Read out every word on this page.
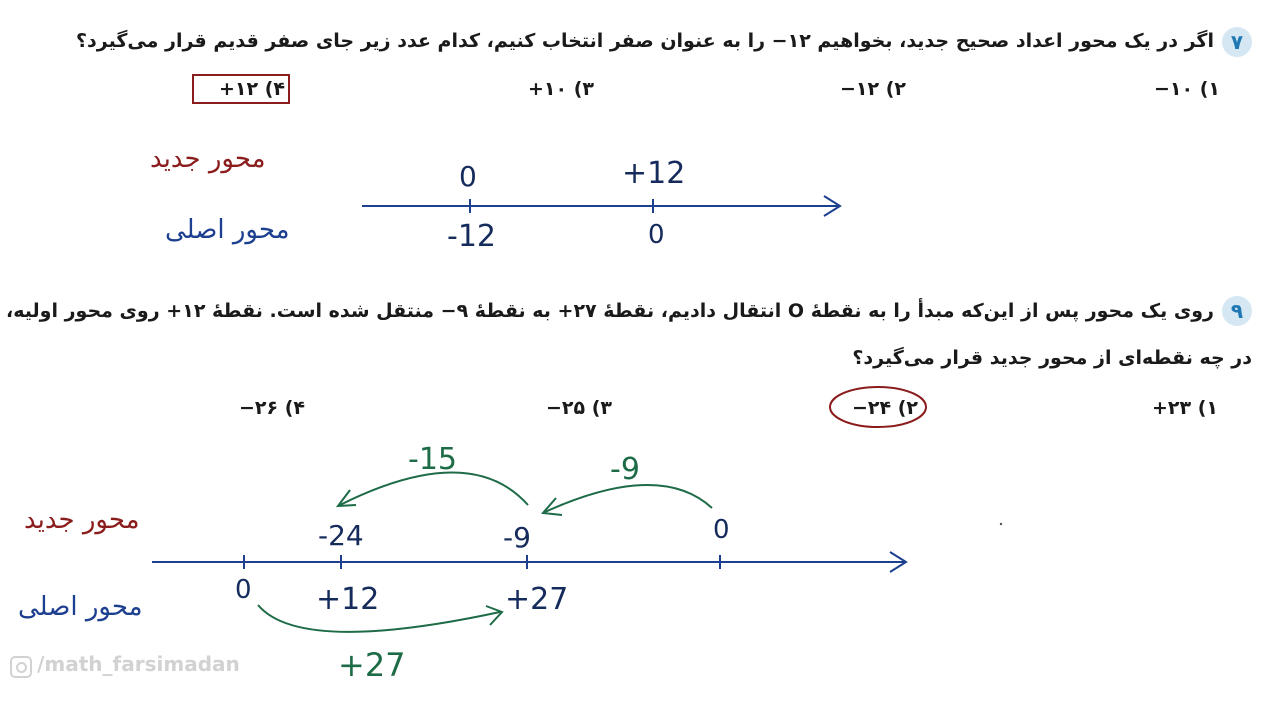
۷
اگر در یک محور اعداد صحیح جدید، بخواهیم ۱۲− را به عنوان صفر انتخاب کنیم، کدام عدد زیر جای صفر قدیم قرار می‌گیرد؟
۱) ۱۰−
۲) ۱۲−
۳) ۱۰+
۴) ۱۲+
محور جدید
محور اصلی
0	+12
-12	0
۹
روی یک محور پس از این‌که مبدأ را به نقطهٔ O انتقال دادیم، نقطهٔ ۲۷+ به نقطهٔ ۹− منتقل شده است. نقطهٔ ۱۲+ روی محور اولیه،
در چه نقطه‌ای از محور جدید قرار می‌گیرد؟
۱) ۲۳+
۲) ۲۴−
۳) ۲۵−
۴) ۲۶−
محور جدید
محور اصلی
-24	-9	0
0 +12	+27
-15	-9
+27
/math_farsimadan
